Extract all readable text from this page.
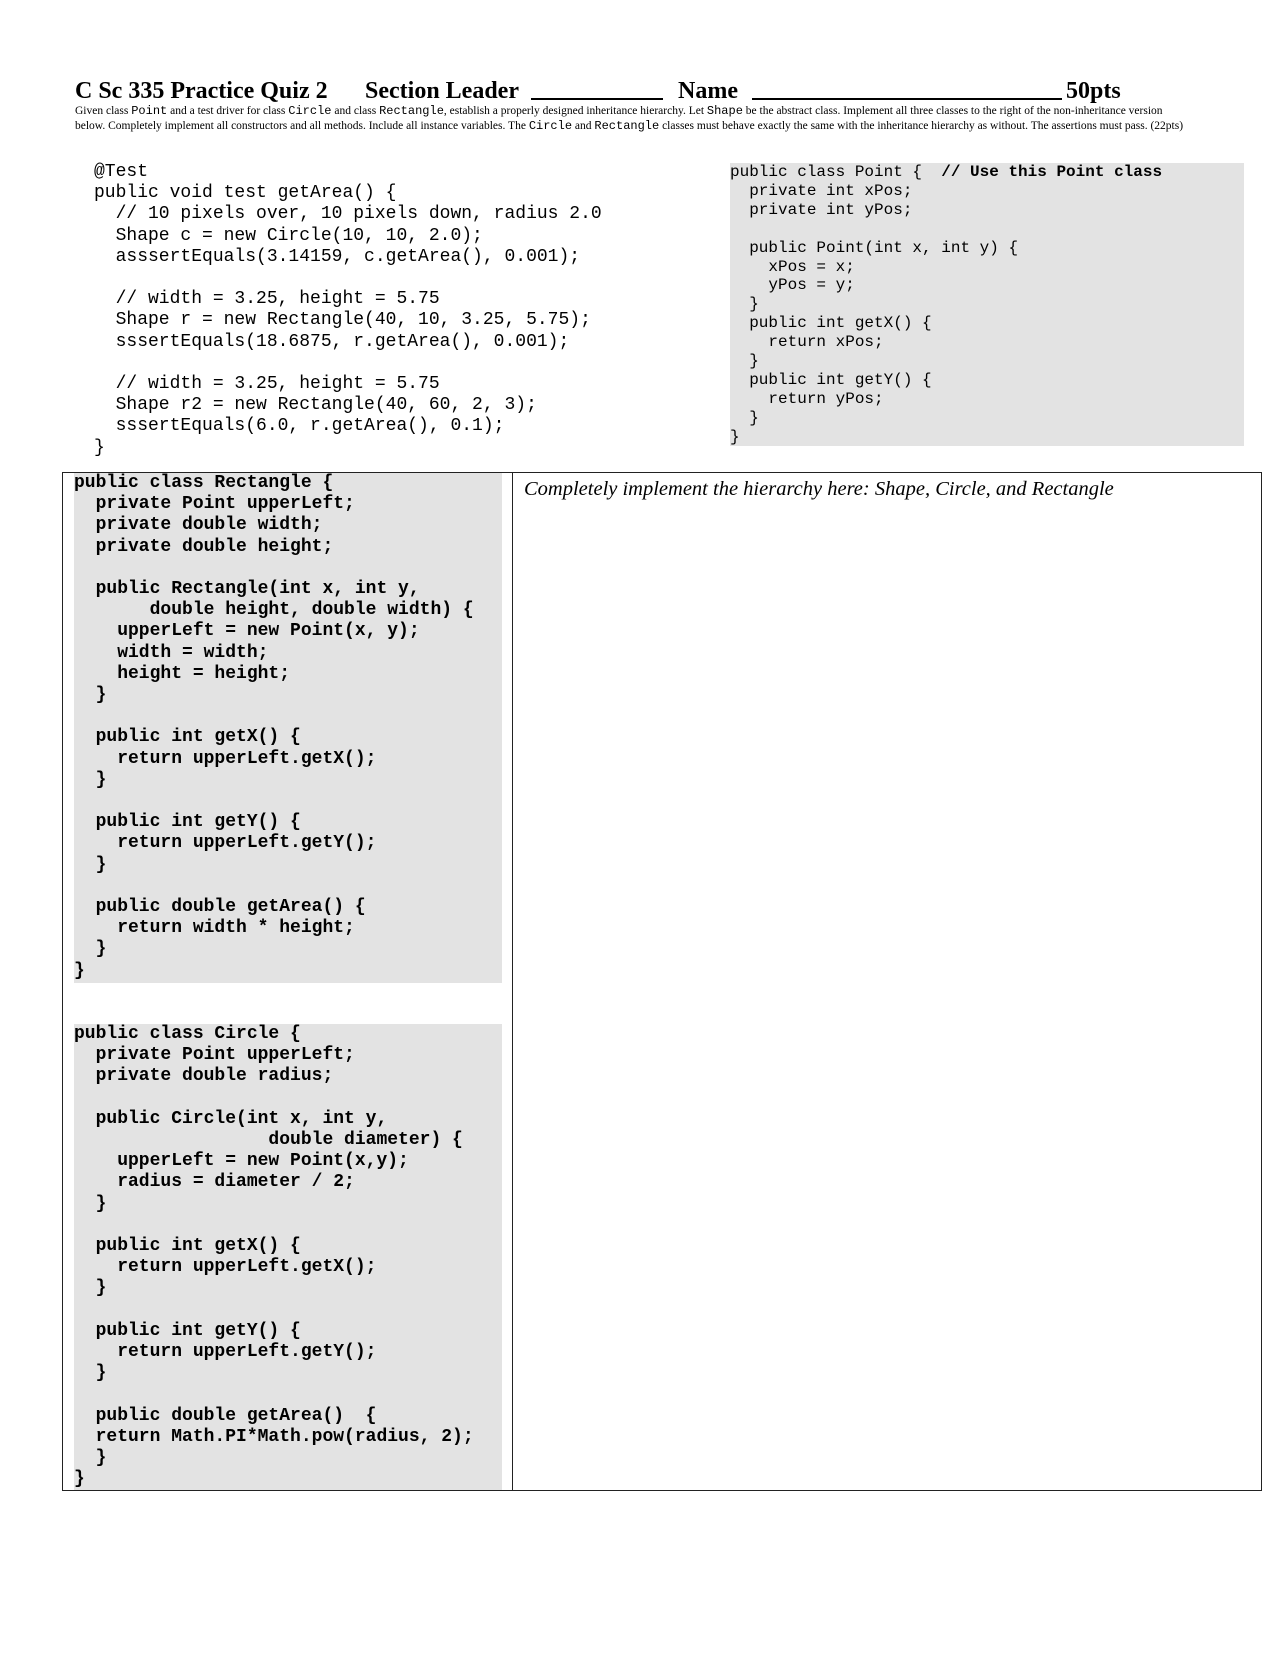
C Sc 335 Practice Quiz 2

Section Leader

	Name

	50pts

Given class Point and a test driver for class Circle and class Rectangle, establish a properly designed inheritance hierarchy. Let Shape be the abstract class. Implement all three classes to the right of the non-inheritance version below. Completely implement all constructors and all methods. Include all instance variables. The Circle and Rectangle classes must behave exactly the same with the inheritance hierarchy as without. The assertions must pass. (22pts)
@Test
public void test getArea() {
// 10 pixels over, 10 pixels down, radius 2.0
Shape c = new Circle(10, 10, 2.0);
asssertEquals(3.14159, c.getArea(), 0.001);

// width = 3.25, height = 5.75
Shape r = new Rectangle(40, 10, 3.25, 5.75);
sssertEquals(18.6875, r.getArea(), 0.001);

// width = 3.25, height = 5.75
Shape r2 = new Rectangle(40, 60, 2, 3);
sssertEquals(6.0, r.getArea(), 0.1);
}
public class Point {  // Use this Point class
private int xPos;
private int yPos;

public Point(int x, int y) {
xPos = x;
yPos = y;
}
public int getX() {
return xPos;
}
public int getY() {
return yPos;
}
}
public class Rectangle {
private Point upperLeft;
private double width;
private double height;

public Rectangle(int x, int y,
double height, double width) {
upperLeft = new Point(x, y);
width = width;
height = height;
}

public int getX() {
return upperLeft.getX();
}

public int getY() {
return upperLeft.getY();
}

public double getArea() {
return width * height;
}
}
public class Circle {
private Point upperLeft;
private double radius;

public Circle(int x, int y,
double diameter) {
upperLeft = new Point(x,y);
radius = diameter / 2;
}

public int getX() {
return upperLeft.getX();
}

public int getY() {
return upperLeft.getY();
}

public double getArea()  {
return Math.PI*Math.pow(radius, 2);
}
}
Completely implement the hierarchy here: Shape, Circle, and Rectangle
